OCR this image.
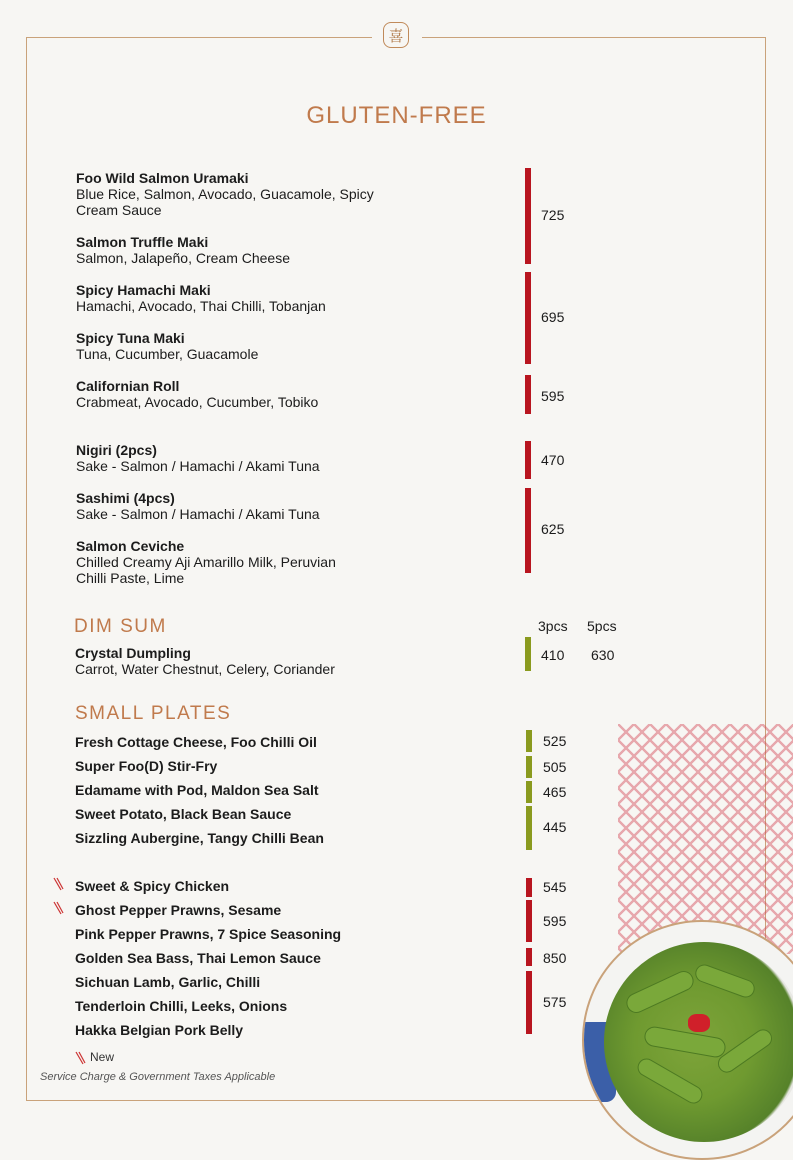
喜
GLUTEN-FREE
Foo Wild Salmon Uramaki
Blue Rice, Salmon, Avocado, Guacamole, Spicy
Cream Sauce
Salmon Truffle Maki
Salmon, Jalapeño, Cream Cheese
Spicy Hamachi Maki
Hamachi, Avocado, Thai Chilli, Tobanjan
Spicy Tuna Maki
Tuna, Cucumber, Guacamole
Californian Roll
Crabmeat, Avocado, Cucumber, Tobiko
Nigiri (2pcs)
Sake - Salmon / Hamachi / Akami Tuna
Sashimi (4pcs)
Sake - Salmon / Hamachi / Akami Tuna
Salmon Ceviche
Chilled Creamy Aji Amarillo Milk, Peruvian
Chilli Paste, Lime
725
695
595
470
625
DIM SUM	3pcs 5pcs
Crystal Dumpling
Carrot, Water Chestnut, Celery, Coriander
410 630
SMALL PLATES
Fresh Cottage Cheese, Foo Chilli Oil
Super Foo(D) Stir-Fry
Edamame with Pod, Maldon Sea Salt
Sweet Potato, Black Bean Sauce
Sizzling Aubergine, Tangy Chilli Bean
525
505
465
445
Sweet & Spicy Chicken
Ghost Pepper Prawns, Sesame
Pink Pepper Prawns, 7 Spice Seasoning
Golden Sea Bass, Thai Lemon Sauce
Sichuan Lamb, Garlic, Chilli
Tenderloin Chilli, Leeks, Onions
Hakka Belgian Pork Belly
545
595
850
575
New
Service Charge & Government Taxes Applicable
